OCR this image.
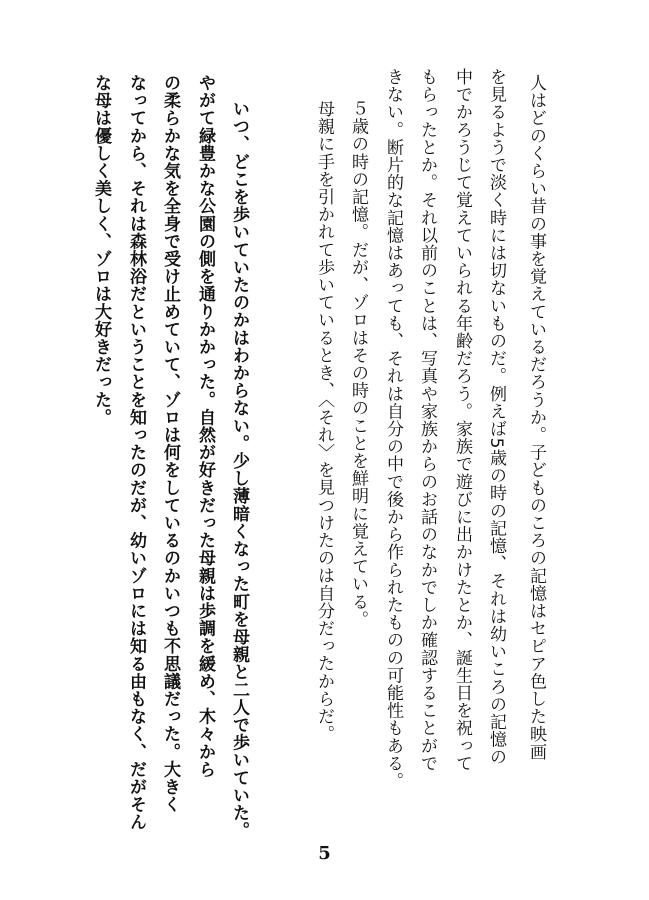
人はどのくらい昔の事を覚えているだろうか。子どものころの記憶はセピア色した映画
を見るようで淡く時には切ないものだ。例えば5歳の時の記憶、それは幼いころの記憶の
中でかろうじて覚えていられる年齢だろう。家族で遊びに出かけたとか、誕生日を祝って
もらったとか。それ以前のことは、写真や家族からのお話のなかでしか確認することがで
きない。断片的な記憶はあっても、それは自分の中で後から作られたものの可能性もある。
５歳の時の記憶。だが、ゾロはその時のことを鮮明に覚えている。
母親に手を引かれて歩いているとき、〈それ〉を見つけたのは自分だったからだ。
いつ、どこを歩いていたのかはわからない。少し薄暗くなった町を母親と二人で歩いていた。
やがて緑豊かな公園の側を通りかかった。自然が好きだった母親は歩調を緩め、木々から
の柔らかな気を全身で受け止めていて、ゾロは何をしているのかいつも不思議だった。大きく
なってから、それは森林浴だということを知ったのだが、幼いゾロには知る由もなく、だがそん
な母は優しく美しく、ゾロは大好きだった。
5
